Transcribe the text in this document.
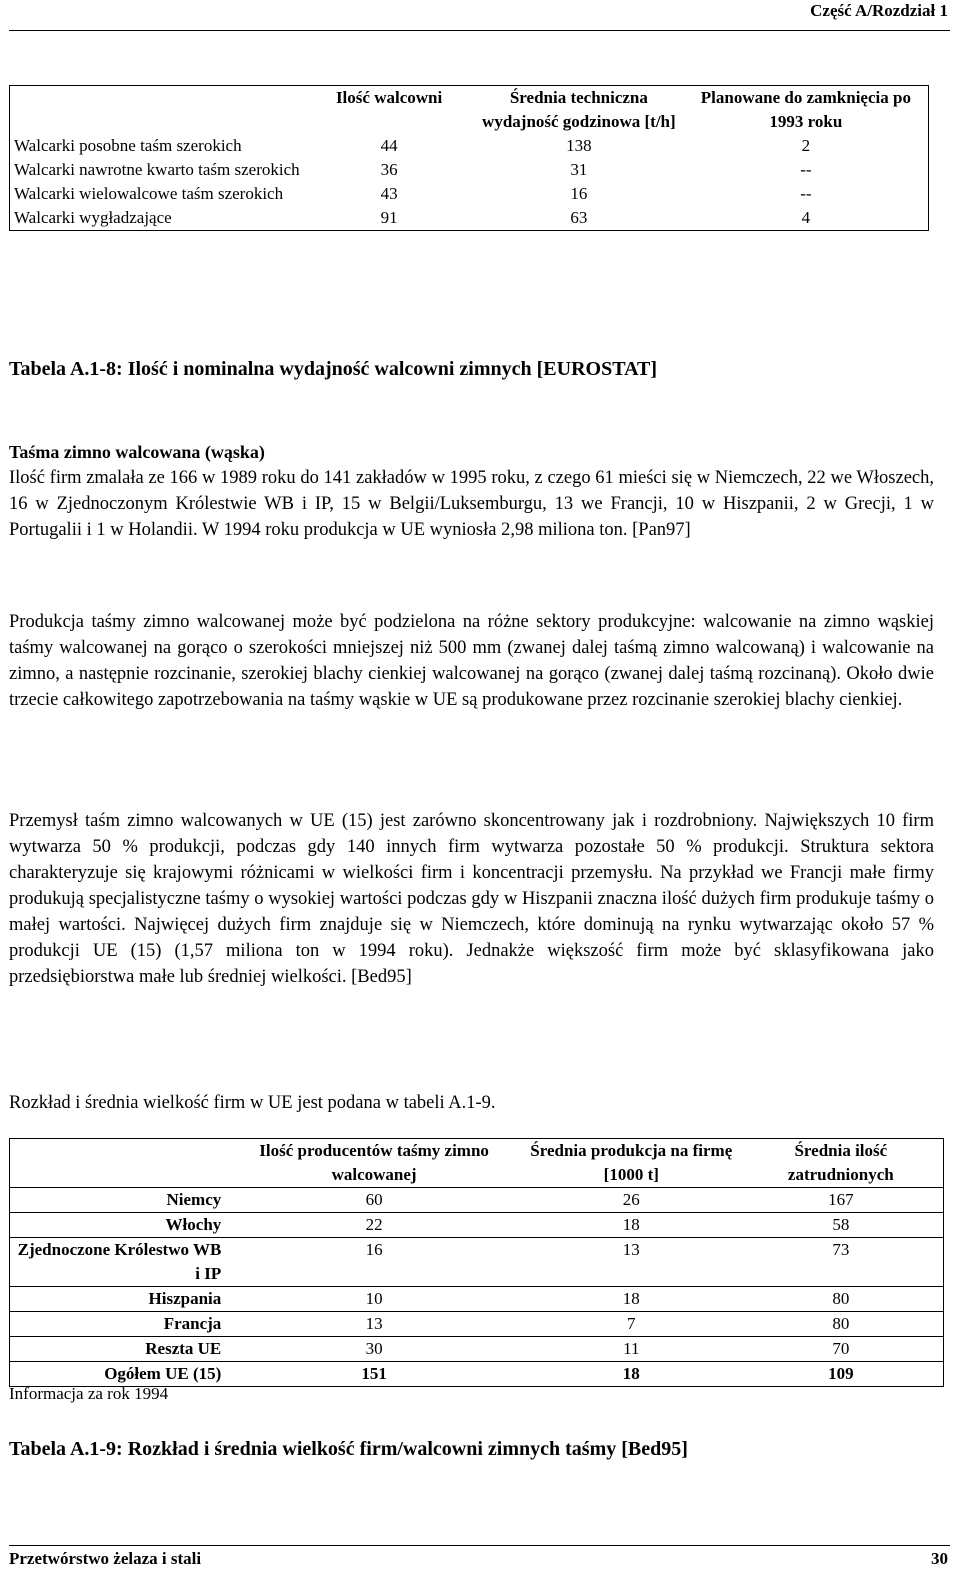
Część A/Rozdział 1
	Ilość walcowni	Średnia techniczna wydajność godzinowa [t/h]	Planowane do zamknięcia po 1993 roku
Walcarki posobne taśm szerokich	44	138	2
Walcarki nawrotne kwarto taśm szerokich	36	31	--
Walcarki wielowalcowe taśm szerokich	43	16	--
Walcarki wygładzające	91	63	4
Tabela A.1-8: Ilość i nominalna wydajność walcowni zimnych [EUROSTAT]
Taśma zimno walcowana (wąska)

Ilość firm zmalała ze 166 w 1989 roku do 141 zakładów w 1995 roku, z czego 61 mieści się w Niemczech, 22 we Włoszech, 16 w Zjednoczonym Królestwie WB i IP, 15 w Belgii/Luksemburgu, 13 we Francji, 10 w Hiszpanii, 2 w Grecji, 1 w Portugalii i 1 w Holandii. W 1994 roku produkcja w UE wyniosła 2,98 miliona ton. [Pan97]

Produkcja taśmy zimno walcowanej może być podzielona na różne sektory produkcyjne: walcowanie na zimno wąskiej taśmy walcowanej na gorąco o szerokości mniejszej niż 500 mm (zwanej dalej taśmą zimno walcowaną) i walcowanie na zimno, a następnie rozcinanie, szerokiej blachy cienkiej walcowanej na gorąco (zwanej dalej taśmą rozcinaną). Około dwie trzecie całkowitego zapotrzebowania na taśmy wąskie w UE są produkowane przez rozcinanie szerokiej blachy cienkiej.

Przemysł taśm zimno walcowanych w UE (15) jest zarówno skoncentrowany jak i rozdrobniony. Największych 10 firm wytwarza 50 % produkcji, podczas gdy 140 innych firm wytwarza pozostałe 50 % produkcji. Struktura sektora charakteryzuje się krajowymi różnicami w wielkości firm i koncentracji przemysłu. Na przykład we Francji małe firmy produkują specjalistyczne taśmy o wysokiej wartości podczas gdy w Hiszpanii znaczna ilość dużych firm produkuje taśmy o małej wartości. Najwięcej dużych firm znajduje się w Niemczech, które dominują na rynku wytwarzając około 57 % produkcji UE (15) (1,57 miliona ton w 1994 roku). Jednakże większość firm może być sklasyfikowana jako przedsiębiorstwa małe lub średniej wielkości. [Bed95]

Rozkład i średnia wielkość firm w UE jest podana w tabeli A.1-9.

	Ilość producentów taśmy zimno walcowanej	Średnia produkcja na firmę [1000 t]	Średnia ilość zatrudnionych
Niemcy	60	26	167
Włochy	22	18	58
Zjednoczone Królestwo WB i IP	16	13	73
Hiszpania	10	18	80
Francja	13	7	80
Reszta UE	30	11	70
Ogółem UE (15)	151	18	109
Informacja za rok 1994
Tabela A.1-9: Rozkład i średnia wielkość firm/walcowni zimnych taśmy [Bed95]
Przetwórstwo żelaza i stali	30
